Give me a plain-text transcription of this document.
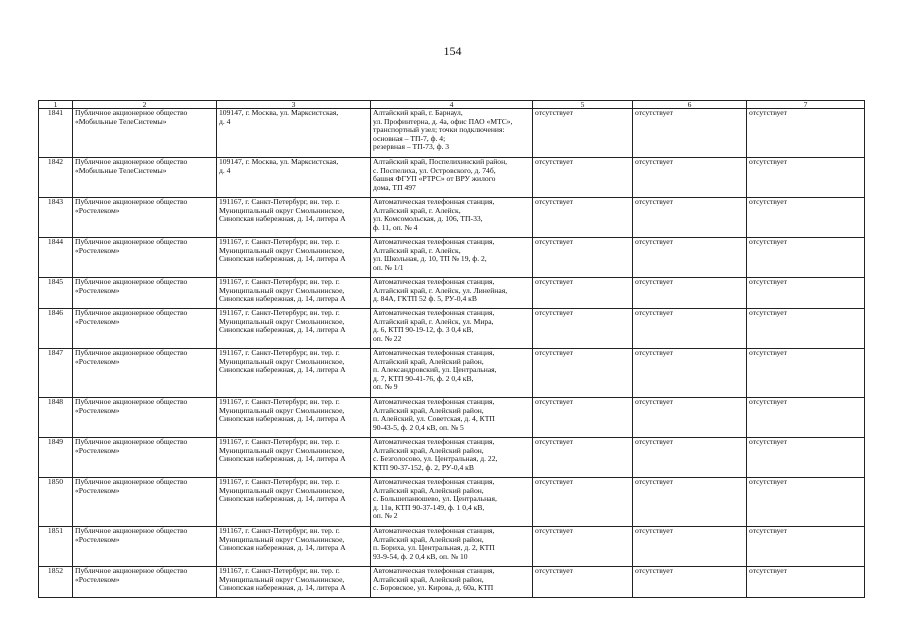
154
1	2	3	4	5	6	7
1841	Публичное акционерное общество
«Мобильные ТелеСистемы»	109147, г. Москва, ул. Марксистская,
д. 4	Алтайский край, г. Барнаул,
ул. Профинтерна, д. 4а, офис ПАО «МТС»,
транспортный узел; точки подключения:
основная – ТП-7, ф. 4;
резервная – ТП-73, ф. 3	отсутствует	отсутствует	отсутствует
1842	Публичное акционерное общество
«Мобильные ТелеСистемы»	109147, г. Москва, ул. Марксистская,
д. 4	Алтайский край, Поспелихинский район,
с. Поспелиха, ул. Островского, д. 74б,
башня ФГУП «РТРС» от ВРУ жилого
дома, ТП 497	отсутствует	отсутствует	отсутствует
1843	Публичное акционерное общество
«Ростелеком»	191167, г. Санкт-Петербург, вн. тер. г.
Муниципальный округ Смольнинское,
Синопская набережная, д. 14, литера А	Автоматическая телефонная станция,
Алтайский край, г. Алейск,
ул. Комсомольская, д. 106, ТП-33,
ф. 11, оп. № 4	отсутствует	отсутствует	отсутствует
1844	Публичное акционерное общество
«Ростелеком»	191167, г. Санкт-Петербург, вн. тер. г.
Муниципальный округ Смольнинское,
Синопская набережная, д. 14, литера А	Автоматическая телефонная станция,
Алтайский край, г. Алейск,
ул. Школьная, д. 10, ТП № 19, ф. 2,
оп. № 1/1	отсутствует	отсутствует	отсутствует
1845	Публичное акционерное общество
«Ростелеком»	191167, г. Санкт-Петербург, вн. тер. г.
Муниципальный округ Смольнинское,
Синопская набережная, д. 14, литера А	Автоматическая телефонная станция,
Алтайский край, г. Алейск, ул. Линейная,
д. 84А, ГКТП 52 ф. 5, РУ-0,4 кВ	отсутствует	отсутствует	отсутствует
1846	Публичное акционерное общество
«Ростелеком»	191167, г. Санкт-Петербург, вн. тер. г.
Муниципальный округ Смольнинское,
Синопская набережная, д. 14, литера А	Автоматическая телефонная станция,
Алтайский край, г. Алейск, ул. Мира,
д. 6, КТП 90-19-12, ф. 3 0,4 кВ,
оп. № 22	отсутствует	отсутствует	отсутствует
1847	Публичное акционерное общество
«Ростелеком»	191167, г. Санкт-Петербург, вн. тер. г.
Муниципальный округ Смольнинское,
Синопская набережная, д. 14, литера А	Автоматическая телефонная станция,
Алтайский край, Алейский район,
п. Александровский, ул. Центральная,
д. 7, КТП 90-41-76, ф. 2 0,4 кВ,
оп. № 9	отсутствует	отсутствует	отсутствует
1848	Публичное акционерное общество
«Ростелеком»	191167, г. Санкт-Петербург, вн. тер. г.
Муниципальный округ Смольнинское,
Синопская набережная, д. 14, литера А	Автоматическая телефонная станция,
Алтайский край, Алейский район,
п. Алейский, ул. Советская, д. 4, КТП
90-43-5, ф. 2 0,4 кВ, оп. № 5	отсутствует	отсутствует	отсутствует
1849	Публичное акционерное общество
«Ростелеком»	191167, г. Санкт-Петербург, вн. тер. г.
Муниципальный округ Смольнинское,
Синопская набережная, д. 14, литера А	Автоматическая телефонная станция,
Алтайский край, Алейский район,
с. Безголосово, ул. Центральная, д. 22,
КТП 90-37-152, ф. 2, РУ-0,4 кВ	отсутствует	отсутствует	отсутствует
1850	Публичное акционерное общество
«Ростелеком»	191167, г. Санкт-Петербург, вн. тер. г.
Муниципальный округ Смольнинское,
Синопская набережная, д. 14, литера А	Автоматическая телефонная станция,
Алтайский край, Алейский район,
с. Большепанюшево, ул. Центральная,
д. 11в, КТП 90-37-149, ф. 1 0,4 кВ,
оп. № 2	отсутствует	отсутствует	отсутствует
1851	Публичное акционерное общество
«Ростелеком»	191167, г. Санкт-Петербург, вн. тер. г.
Муниципальный округ Смольнинское,
Синопская набережная, д. 14, литера А	Автоматическая телефонная станция,
Алтайский край, Алейский район,
п. Бориха, ул. Центральная, д. 2, КТП
93-9-54, ф. 2 0,4 кВ, оп. № 10	отсутствует	отсутствует	отсутствует
1852	Публичное акционерное общество
«Ростелеком»	191167, г. Санкт-Петербург, вн. тер. г.
Муниципальный округ Смольнинское,
Синопская набережная, д. 14, литера А	Автоматическая телефонная станция,
Алтайский край, Алейский район,
с. Боровское, ул. Кирова, д. 60а, КТП	отсутствует	отсутствует	отсутствует
